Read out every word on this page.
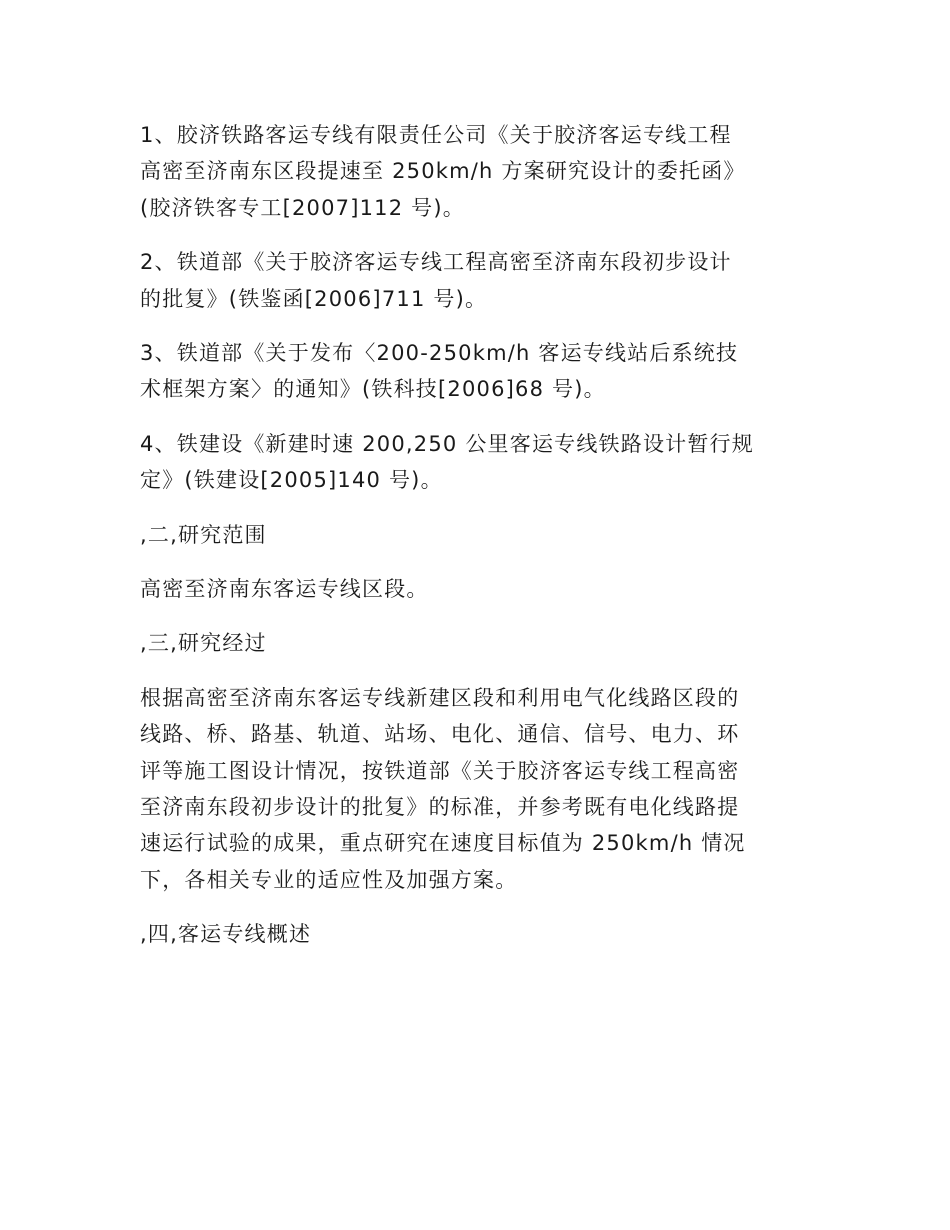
1、胶济铁路客运专线有限责任公司《关于胶济客运专线工程
高密至济南东区段提速至 250km/h 方案研究设计的委托函》
(胶济铁客专工[2007]112 号)。
2、铁道部《关于胶济客运专线工程高密至济南东段初步设计
的批复》(铁鉴函[2006]711 号)。
3、铁道部《关于发布〈200-250km/h 客运专线站后系统技
术框架方案〉的通知》(铁科技[2006]68 号)。
4、铁建设《新建时速 200,250 公里客运专线铁路设计暂行规
定》(铁建设[2005]140 号)。
,二,研究范围
高密至济南东客运专线区段。
,三,研究经过
根据高密至济南东客运专线新建区段和利用电气化线路区段的
线路、桥、路基、轨道、站场、电化、通信、信号、电力、环
评等施工图设计情况，按铁道部《关于胶济客运专线工程高密
至济南东段初步设计的批复》的标准，并参考既有电化线路提
速运行试验的成果，重点研究在速度目标值为 250km/h 情况
下，各相关专业的适应性及加强方案。
,四,客运专线概述
